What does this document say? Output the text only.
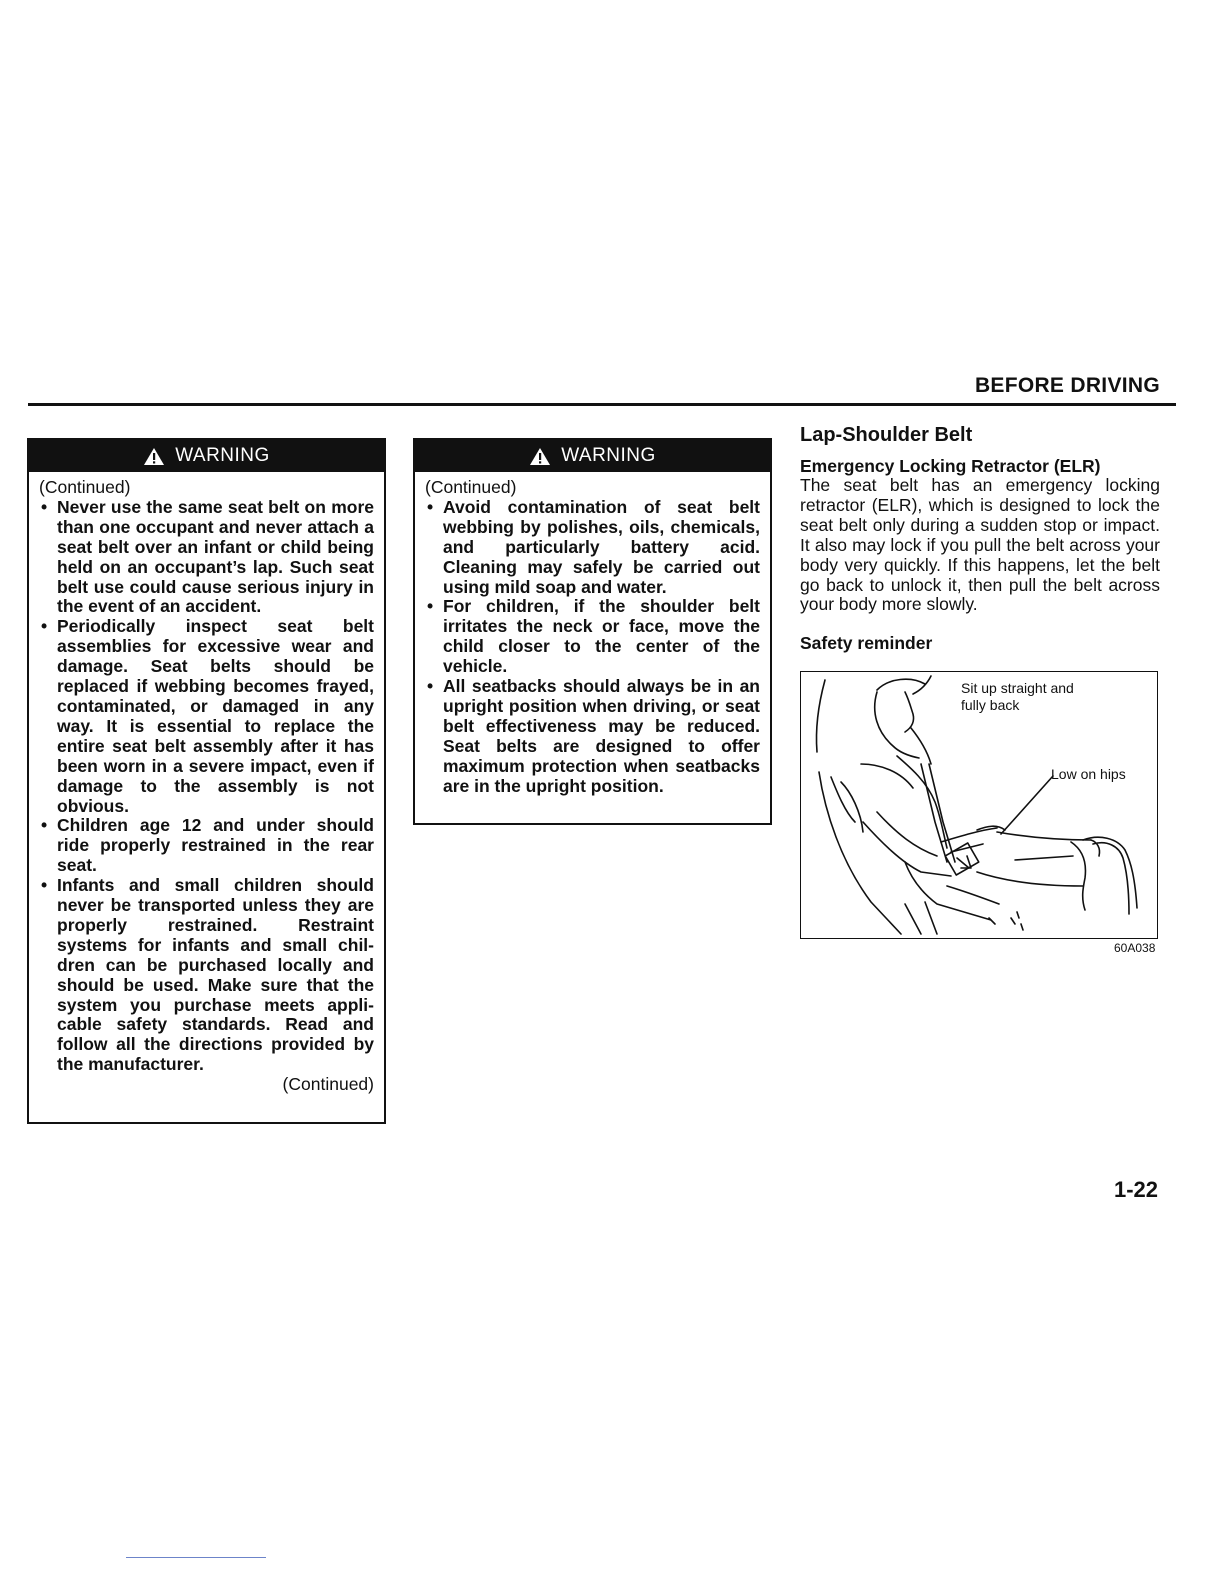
BEFORE DRIVING
WARNING
(Continued)
• Never use the same seat belt on more than one occupant and never attach a seat belt over an infant or child being held on an occupant’s lap. Such seat belt use could cause serious injury in the event of an accident.
• Periodically inspect seat belt assemblies for excessive wear and damage. Seat belts should be replaced if webbing becomes frayed, contaminated, or damaged in any way. It is essential to replace the entire seat belt assembly after it has been worn in a severe impact, even if damage to the assembly is not obvious.
• Children age 12 and under should ride properly restrained in the rear seat.
• Infants and small children should never be transported unless they are properly restrained. Restraint systems for infants and small children can be purchased locally and should be used. Make sure that the system you purchase meets applicable safety standards. Read and follow all the directions provided by the manufacturer.
(Continued)
WARNING
(Continued)
• Avoid contamination of seat belt webbing by polishes, oils, chemicals, and particularly battery acid. Cleaning may safely be carried out using mild soap and water.
• For children, if the shoulder belt irritates the neck or face, move the child closer to the center of the vehicle.
• All seatbacks should always be in an upright position when driving, or seat belt effectiveness may be reduced. Seat belts are designed to offer maximum protection when seatbacks are in the upright position.
Lap-Shoulder Belt
Emergency Locking Retractor (ELR)

The seat belt has an emergency locking retractor (ELR), which is designed to lock the seat belt only during a sudden stop or impact. It also may lock if you pull the belt across your body very quickly. If this happens, let the belt go back to unlock it, then pull the belt across your body more slowly.

Safety reminder
Sit up straight and
fully back
Low on hips
60A038
1-22
